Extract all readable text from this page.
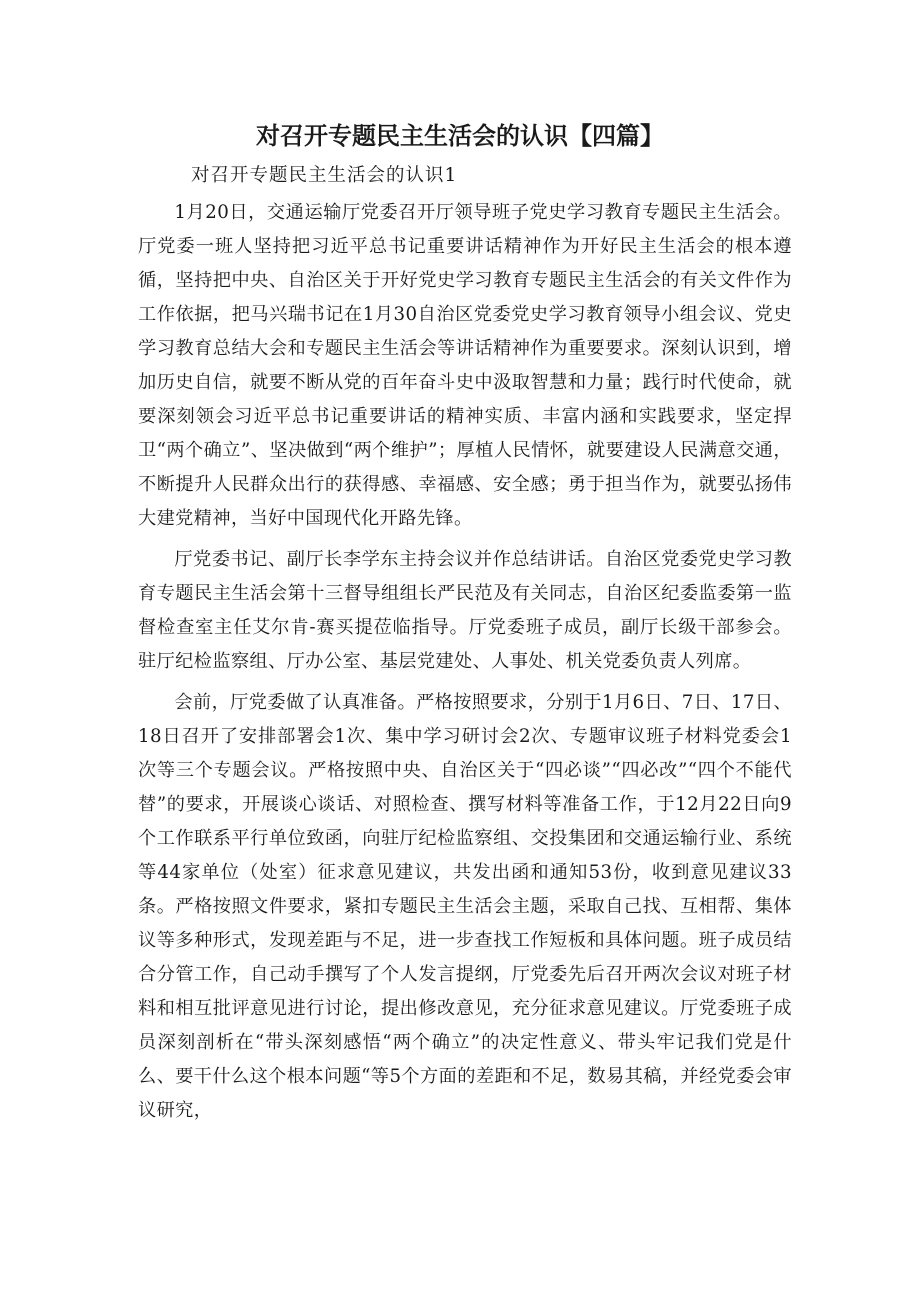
对召开专题民主生活会的认识【四篇】

对召开专题民主生活会的认识1

1月20日，交通运输厅党委召开厅领导班子党史学习教育专题民主生活会。厅党委一班人坚持把习近平总书记重要讲话精神作为开好民主生活会的根本遵循，坚持把中央、自治区关于开好党史学习教育专题民主生活会的有关文件作为工作依据，把马兴瑞书记在1月30自治区党委党史学习教育领导小组会议、党史学习教育总结大会和专题民主生活会等讲话精神作为重要要求。深刻认识到，增加历史自信，就要不断从党的百年奋斗史中汲取智慧和力量；践行时代使命，就要深刻领会习近平总书记重要讲话的精神实质、丰富内涵和实践要求，坚定捍卫“两个确立”、坚决做到“两个维护”；厚植人民情怀，就要建设人民满意交通，不断提升人民群众出行的获得感、幸福感、安全感；勇于担当作为，就要弘扬伟大建党精神，当好中国现代化开路先锋。

厅党委书记、副厅长李学东主持会议并作总结讲话。自治区党委党史学习教育专题民主生活会第十三督导组组长严民范及有关同志，自治区纪委监委第一监督检查室主任艾尔肯-赛买提莅临指导。厅党委班子成员，副厅长级干部参会。驻厅纪检监察组、厅办公室、基层党建处、人事处、机关党委负责人列席。

会前，厅党委做了认真准备。严格按照要求，分别于1月6日、7日、17日、18日召开了安排部署会1次、集中学习研讨会2次、专题审议班子材料党委会1次等三个专题会议。严格按照中央、自治区关于“四必谈”“四必改”“四个不能代替”的要求，开展谈心谈话、对照检查、撰写材料等准备工作，于12月22日向9个工作联系平行单位致函，向驻厅纪检监察组、交投集团和交通运输行业、系统等44家单位（处室）征求意见建议，共发出函和通知53份，收到意见建议33条。严格按照文件要求，紧扣专题民主生活会主题，采取自己找、互相帮、集体议等多种形式，发现差距与不足，进一步查找工作短板和具体问题。班子成员结合分管工作，自己动手撰写了个人发言提纲，厅党委先后召开两次会议对班子材料和相互批评意见进行讨论，提出修改意见，充分征求意见建议。厅党委班子成员深刻剖析在“带头深刻感悟“两个确立”的决定性意义、带头牢记我们党是什么、要干什么这个根本问题“等5个方面的差距和不足，数易其稿，并经党委会审议研究，
